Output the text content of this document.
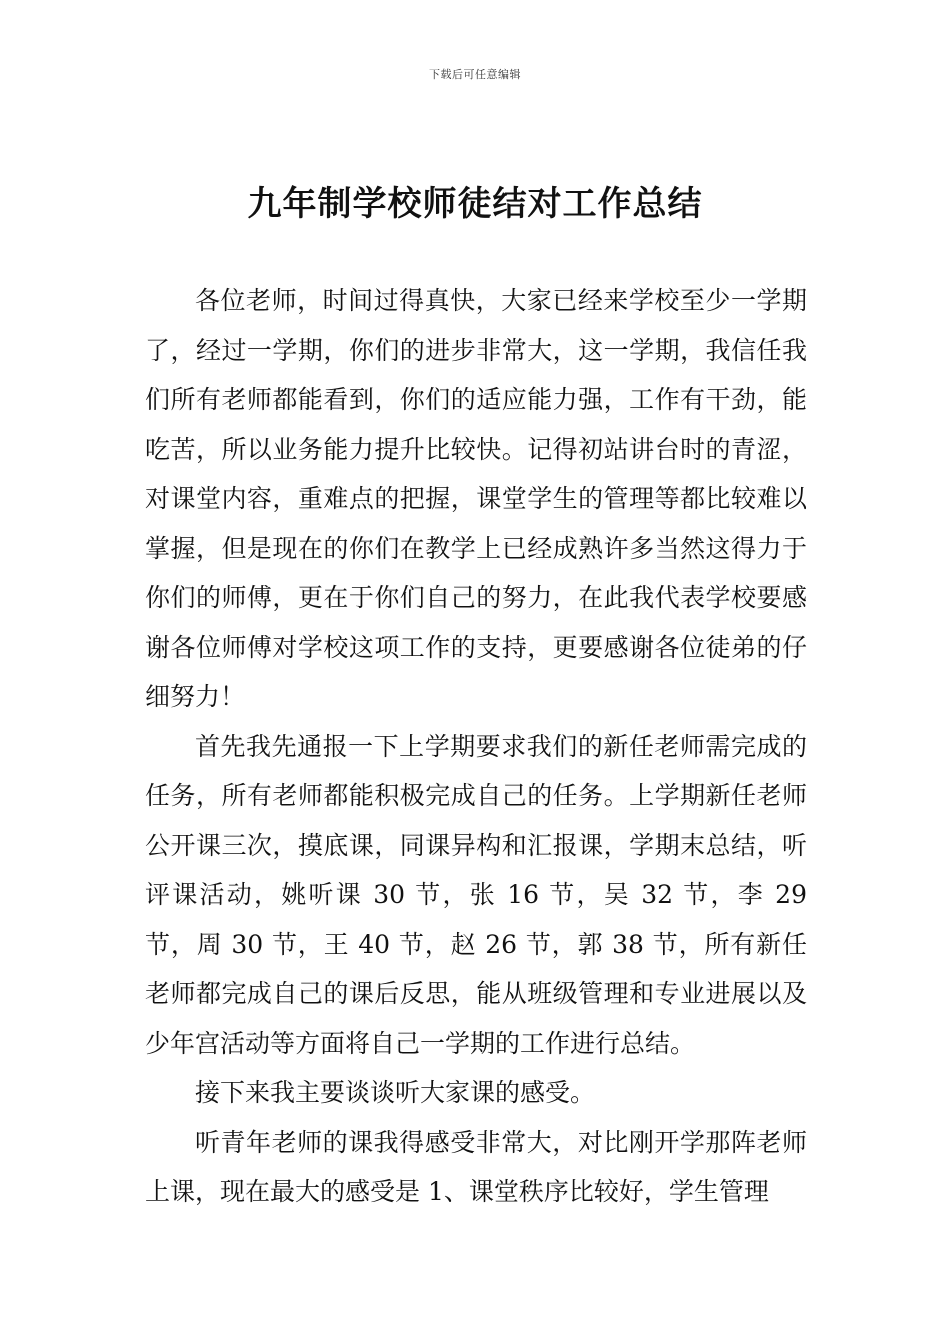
下载后可任意编辑
九年制学校师徒结对工作总结

各位老师，时间过得真快，大家已经来学校至少一学期了，经过一学期，你们的进步非常大，这一学期，我信任我们所有老师都能看到，你们的适应能力强，工作有干劲，能吃苦，所以业务能力提升比较快。记得初站讲台时的青涩，对课堂内容，重难点的把握，课堂学生的管理等都比较难以掌握，但是现在的你们在教学上已经成熟许多当然这得力于你们的师傅，更在于你们自己的努力，在此我代表学校要感谢各位师傅对学校这项工作的支持，更要感谢各位徒弟的仔细努力！

首先我先通报一下上学期要求我们的新任老师需完成的任务，所有老师都能积极完成自己的任务。上学期新任老师公开课三次，摸底课，同课异构和汇报课，学期末总结，听评课活动，姚听课 30 节，张 16 节，吴 32 节，李 29 节，周 30 节，王 40 节，赵 26 节，郭 38 节，所有新任老师都完成自己的课后反思，能从班级管理和专业进展以及少年宫活动等方面将自己一学期的工作进行总结。

接下来我主要谈谈听大家课的感受。

听青年老师的课我得感受非常大，对比刚开学那阵老师上课，现在最大的感受是 1、课堂秩序比较好，学生管理
